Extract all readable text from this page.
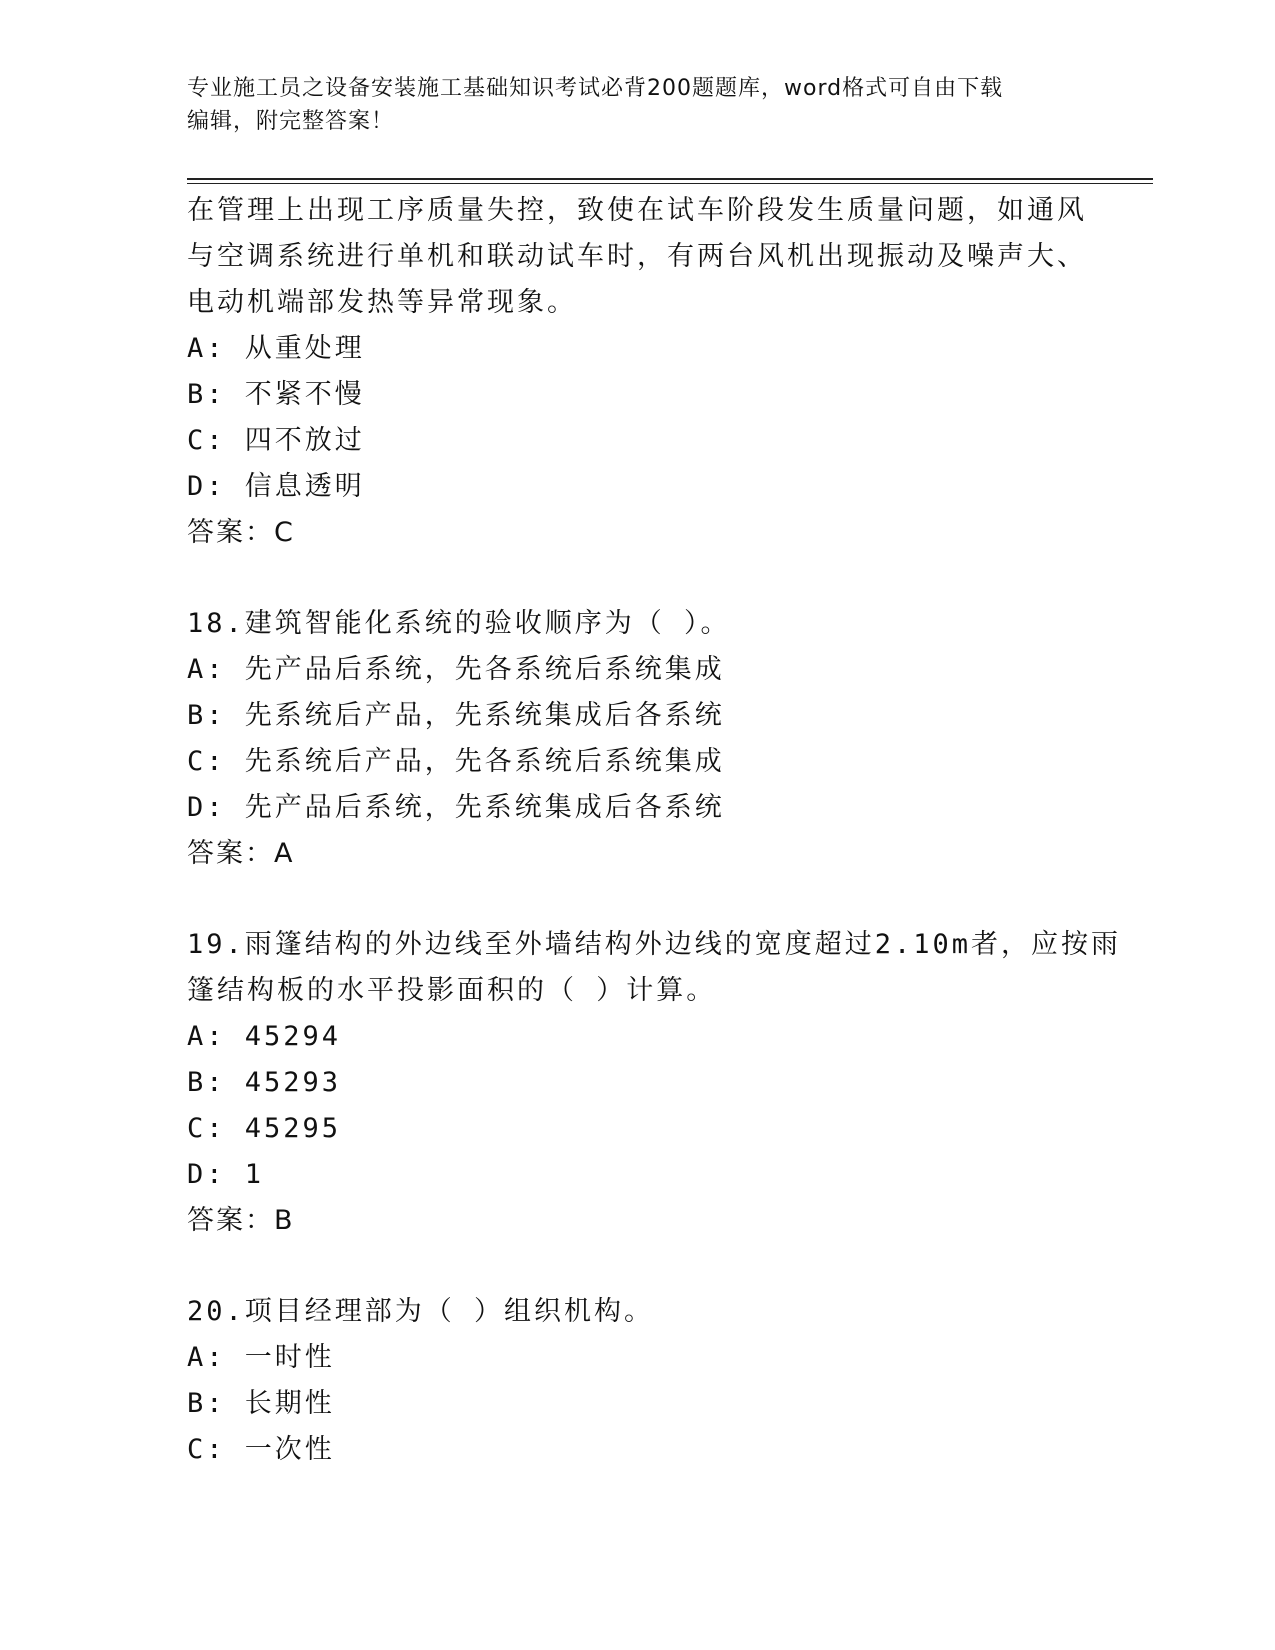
专业施工员之设备安装施工基础知识考试必背200题题库，word格式可自由下载
编辑，附完整答案！
在管理上出现工序质量失控，致使在试车阶段发生质量问题，如通风
与空调系统进行单机和联动试车时，有两台风机出现振动及噪声大、
电动机端部发热等异常现象。
A: 从重处理
B: 不紧不慢
C: 四不放过
D: 信息透明
答案：C
18.建筑智能化系统的验收顺序为（ ）。
A: 先产品后系统，先各系统后系统集成
B: 先系统后产品，先系统集成后各系统
C: 先系统后产品，先各系统后系统集成
D: 先产品后系统，先系统集成后各系统
答案：A
19.雨篷结构的外边线至外墙结构外边线的宽度超过2.10m者，应按雨
篷结构板的水平投影面积的（ ）计算。
A: 45294
B: 45293
C: 45295
D: 1
答案：B
20.项目经理部为（ ）组织机构。
A: 一时性
B: 长期性
C: 一次性
